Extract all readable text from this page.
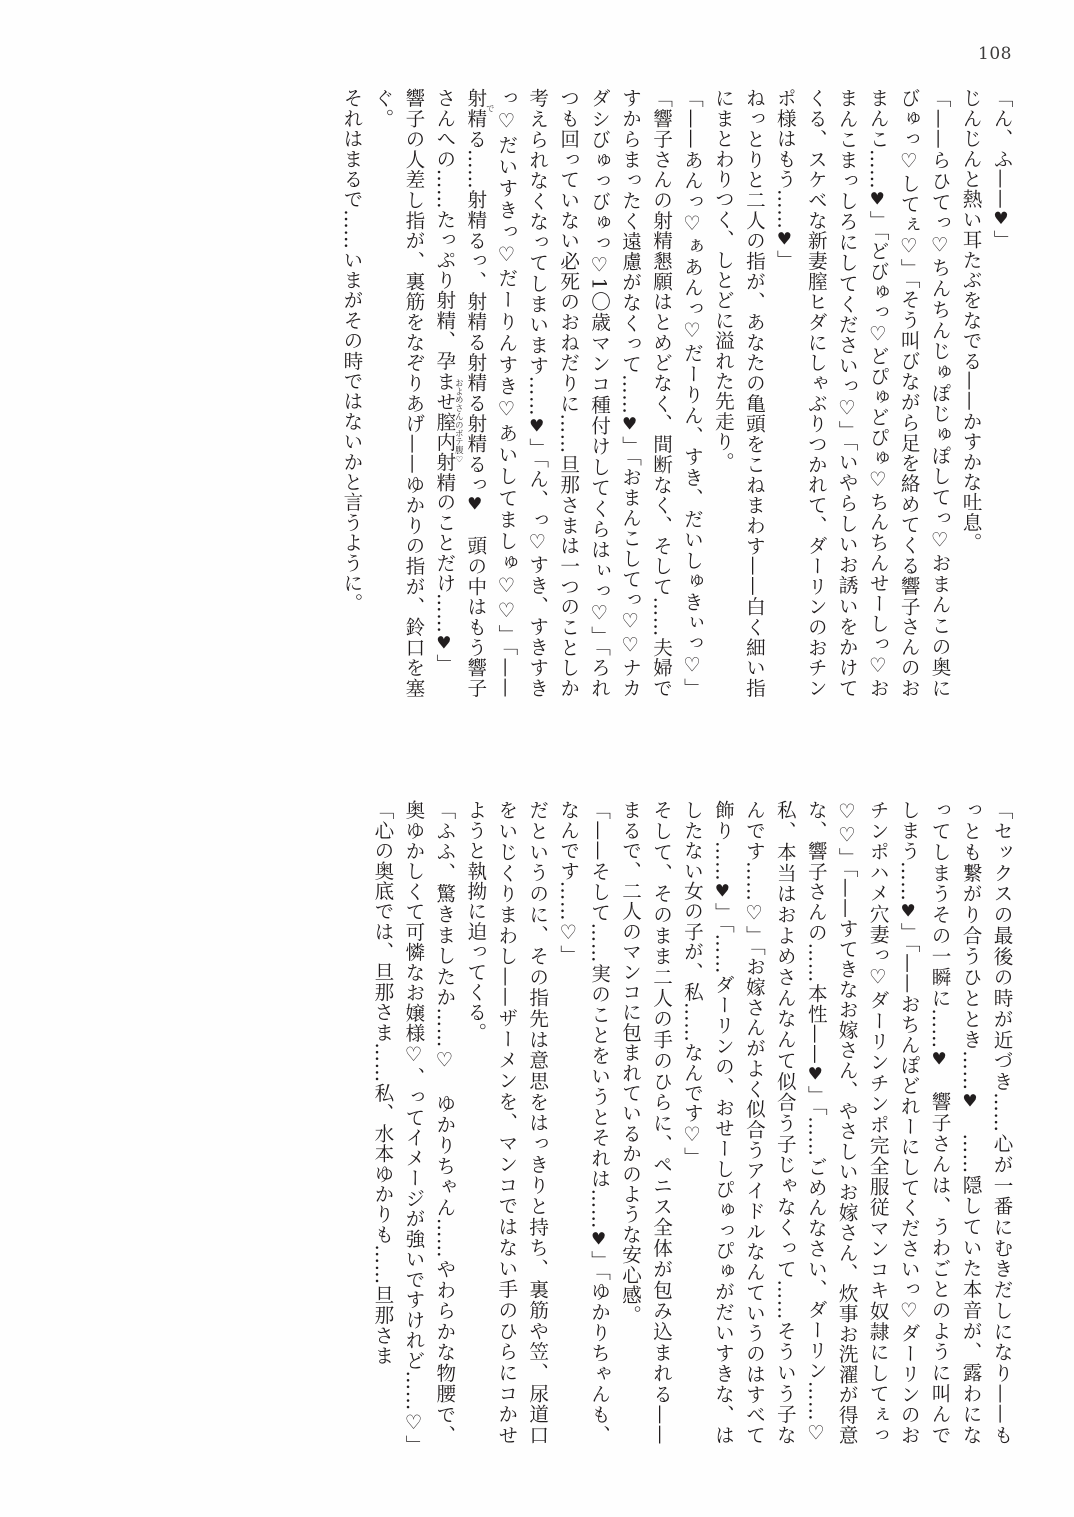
108

「ん、ふ——♥」

じんじんと熱い耳たぶをなでる——かすかな吐息。

「——らひてっ♡ちんちんじゅぽじゅぽしてっ♡おまんこの奥にびゅっ♡してぇ♡」「そう叫びながら足を絡めてくる響子さんのおまんこ……♥」「どびゅっ♡どぴゅどぴゅ♡ちんちんせーしっ♡おまんこまっしろにしてくださいっ♡」「いやらしいお誘いをかけてくる、スケベな新妻膣ヒダにしゃぶりつかれて、ダーリンのおチンポ様はもう……♥」

ねっとりと二人の指が、あなたの亀頭をこねまわす——白く細い指にまとわりつく、しとどに溢れた先走り。

「——あんっ♡ぁあんっ♡だーりん、すき、だいしゅきぃっ♡」「響子さんの射精懇願はとめどなく、間断なく、そして……夫婦ですからまったく遠慮がなくって……♥」「おまんこしてっ♡♡ナカダシびゅっびゅっ♡1〇歳マンコ種付けしてくらはぃっ♡」「ろれつも回っていない必死のおねだりに……旦那さまは一つのことしか考えられなくなってしまいます……♥」「ん、っ♡すき、すきすきっ♡だいすきっ♡だーりんすき♡あいしてましゅ♡♡」「——射精でる……射精るっ、射精る射精る射精るっ♥　頭の中はもう響子さんへの……たっぷり射精、孕ませ膣内射精およめさんのボテ腹♡のことだけ……♥」

響子の人差し指が、裏筋をなぞりあげ——ゆかりの指が、鈴口を塞ぐ。

それはまるで……いまがその時ではないかと言うように。

「セックスの最後の時が近づき……心が一番にむきだしになり——もっとも繋がり合うひととき……♥　……隠していた本音が、露わになってしまうその一瞬に……♥　響子さんは、うわごとのように叫んでしまう……♥」「——おちんぽどれーにしてくださいっ♡ダーリンのおチンポハメ穴妻っ♡ダーリンチンポ完全服従マンコキ奴隷にしてぇっ♡♡」「——すてきなお嫁さん、やさしいお嫁さん、炊事お洗濯が得意な、響子さんの……本性——♥」「……ごめんなさい、ダーリン……♡　私、本当はおよめさんなんて似合う子じゃなくって……そういう子なんです……♡」「お嫁さんがよく似合うアイドルなんていうのはすべて飾り……♥」「……ダーリンの、おせーしぴゅっぴゅがだいすきな、はしたない女の子が、私……なんです♡」

そして、そのまま二人の手のひらに、ペニス全体が包み込まれる——まるで、二人のマンコに包まれているかのような安心感。

「——そして……実のことをいうとそれは……♥」「ゆかりちゃんも、なんです……♡」

だというのに、その指先は意思をはっきりと持ち、裏筋や笠、尿道口をいじくりまわし——ザーメンを、マンコではない手のひらにコかせようと執拗に迫ってくる。

「ふふ、驚きましたか……♡　ゆかりちゃん……やわらかな物腰で、奥ゆかしくて可憐なお嬢様♡、ってイメージが強いですけれど……♡」「心の奥底では、旦那さま……私、水本ゆかりも……旦那さま
